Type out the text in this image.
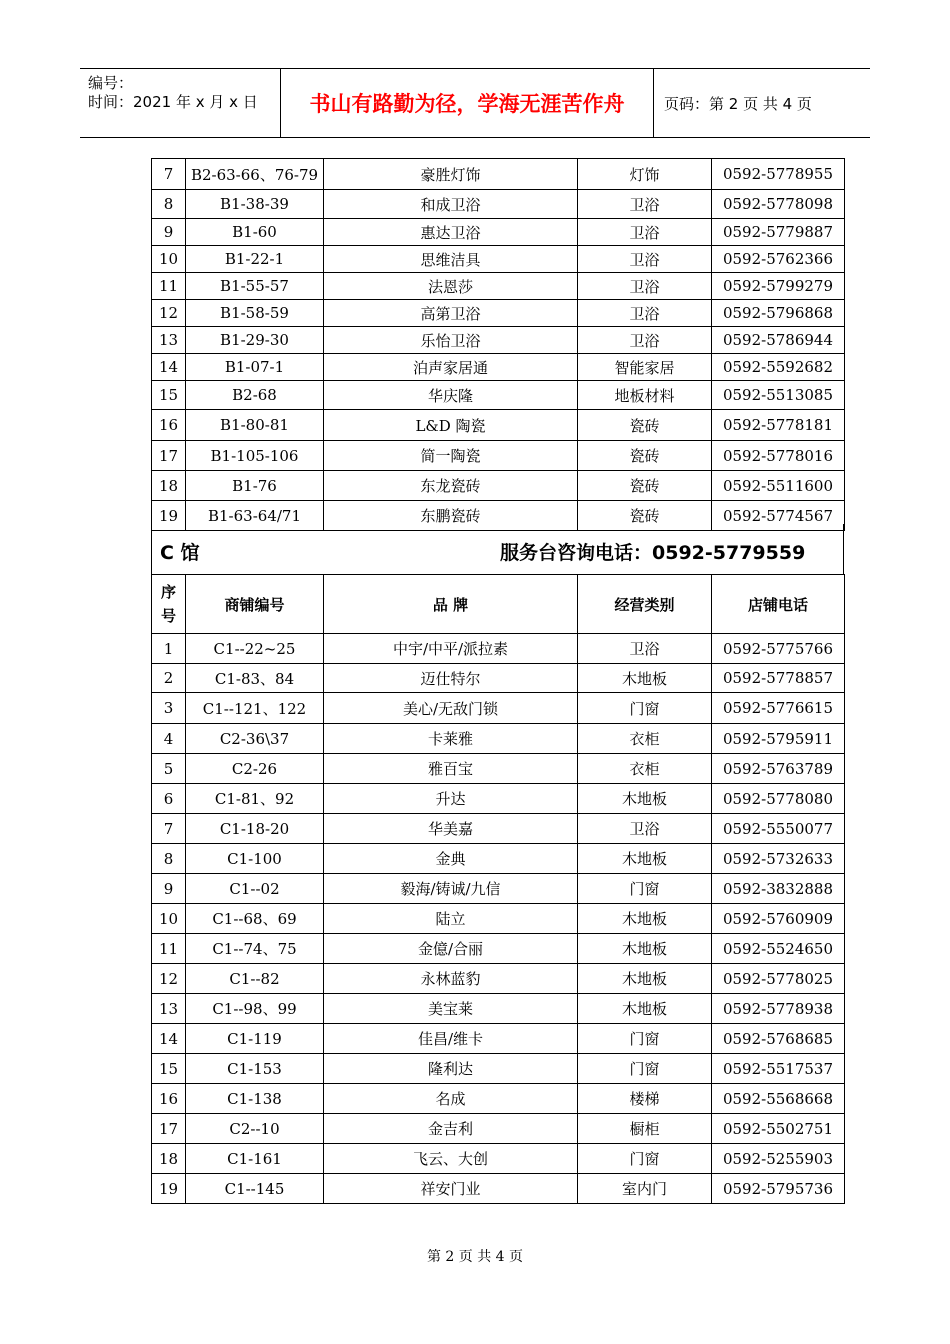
编号：
时间：2021 年 x 月 x 日	书山有路勤为径，学海无涯苦作舟	页码：第 2 页 共 4 页
7	B2-63-66、76-79	豪胜灯饰	灯饰	0592-5778955
8	B1-38-39	和成卫浴	卫浴	0592-5778098
9	B1-60	惠达卫浴	卫浴	0592-5779887
10	B1-22-1	思维洁具	卫浴	0592-5762366
11	B1-55-57	法恩莎	卫浴	0592-5799279
12	B1-58-59	高第卫浴	卫浴	0592-5796868
13	B1-29-30	乐怡卫浴	卫浴	0592-5786944
14	B1-07-1	泊声家居通	智能家居	0592-5592682
15	B2-68	华庆隆	地板材料	0592-5513085
16	B1-80-81	L&D 陶瓷	瓷砖	0592-5778181
17	B1-105-106	简一陶瓷	瓷砖	0592-5778016
18	B1-76	东龙瓷砖	瓷砖	0592-5511600
19	B1-63-64/71	东鹏瓷砖	瓷砖	0592-5774567
C 馆	服务台咨询电话：0592-5779559
序
号	商铺编号	品 牌	经营类别	店铺电话
1	C1--22~25	中宇/中平/派拉素	卫浴	0592-5775766
2	C1-83、84	迈仕特尔	木地板	0592-5778857
3	C1--121、122	美心/无敌门锁	门窗	0592-5776615
4	C2-36\37	卡莱雅	衣柜	0592-5795911
5	C2-26	雅百宝	衣柜	0592-5763789
6	C1-81、92	升达	木地板	0592-5778080
7	C1-18-20	华美嘉	卫浴	0592-5550077
8	C1-100	金典	木地板	0592-5732633
9	C1--02	毅海/铸诚/九信	门窗	0592-3832888
10	C1--68、69	陆立	木地板	0592-5760909
11	C1--74、75	金億/合丽	木地板	0592-5524650
12	C1--82	永林蓝豹	木地板	0592-5778025
13	C1--98、99	美宝莱	木地板	0592-5778938
14	C1-119	佳昌/维卡	门窗	0592-5768685
15	C1-153	隆利达	门窗	0592-5517537
16	C1-138	名成	楼梯	0592-5568668
17	C2--10	金吉利	橱柜	0592-5502751
18	C1-161	飞云、大创	门窗	0592-5255903
19	C1--145	祥安门业	室内门	0592-5795736
第 2 页 共 4 页
